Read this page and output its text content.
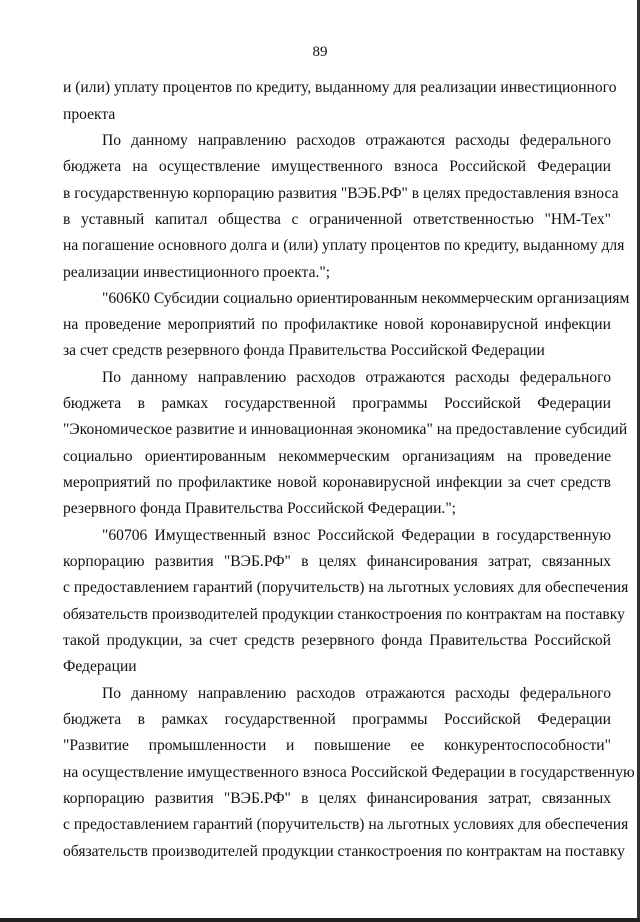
89
и (или) уплату процентов по кредиту, выданному для реализации инвестиционного
проекта
По данному направлению расходов отражаются расходы федерального
бюджета на осуществление имущественного взноса Российской Федерации
в государственную корпорацию развития "ВЭБ.РФ" в целях предоставления взноса
в уставный капитал общества с ограниченной ответственностью "НМ-Тех"
на погашение основного долга и (или) уплату процентов по кредиту, выданному для
реализации инвестиционного проекта.";
"606К0 Субсидии социально ориентированным некоммерческим организациям
на проведение мероприятий по профилактике новой коронавирусной инфекции
за счет средств резервного фонда Правительства Российской Федерации
По данному направлению расходов отражаются расходы федерального
бюджета в рамках государственной программы Российской Федерации
"Экономическое развитие и инновационная экономика" на предоставление субсидий
социально ориентированным некоммерческим организациям на проведение
мероприятий по профилактике новой коронавирусной инфекции за счет средств
резервного фонда Правительства Российской Федерации.";
"60706 Имущественный взнос Российской Федерации в государственную
корпорацию развития "ВЭБ.РФ" в целях финансирования затрат, связанных
с предоставлением гарантий (поручительств) на льготных условиях для обеспечения
обязательств производителей продукции станкостроения по контрактам на поставку
такой продукции, за счет средств резервного фонда Правительства Российской
Федерации
По данному направлению расходов отражаются расходы федерального
бюджета в рамках государственной программы Российской Федерации
"Развитие промышленности и повышение ее конкурентоспособности"
на осуществление имущественного взноса Российской Федерации в государственную
корпорацию развития "ВЭБ.РФ" в целях финансирования затрат, связанных
с предоставлением гарантий (поручительств) на льготных условиях для обеспечения
обязательств производителей продукции станкостроения по контрактам на поставку
